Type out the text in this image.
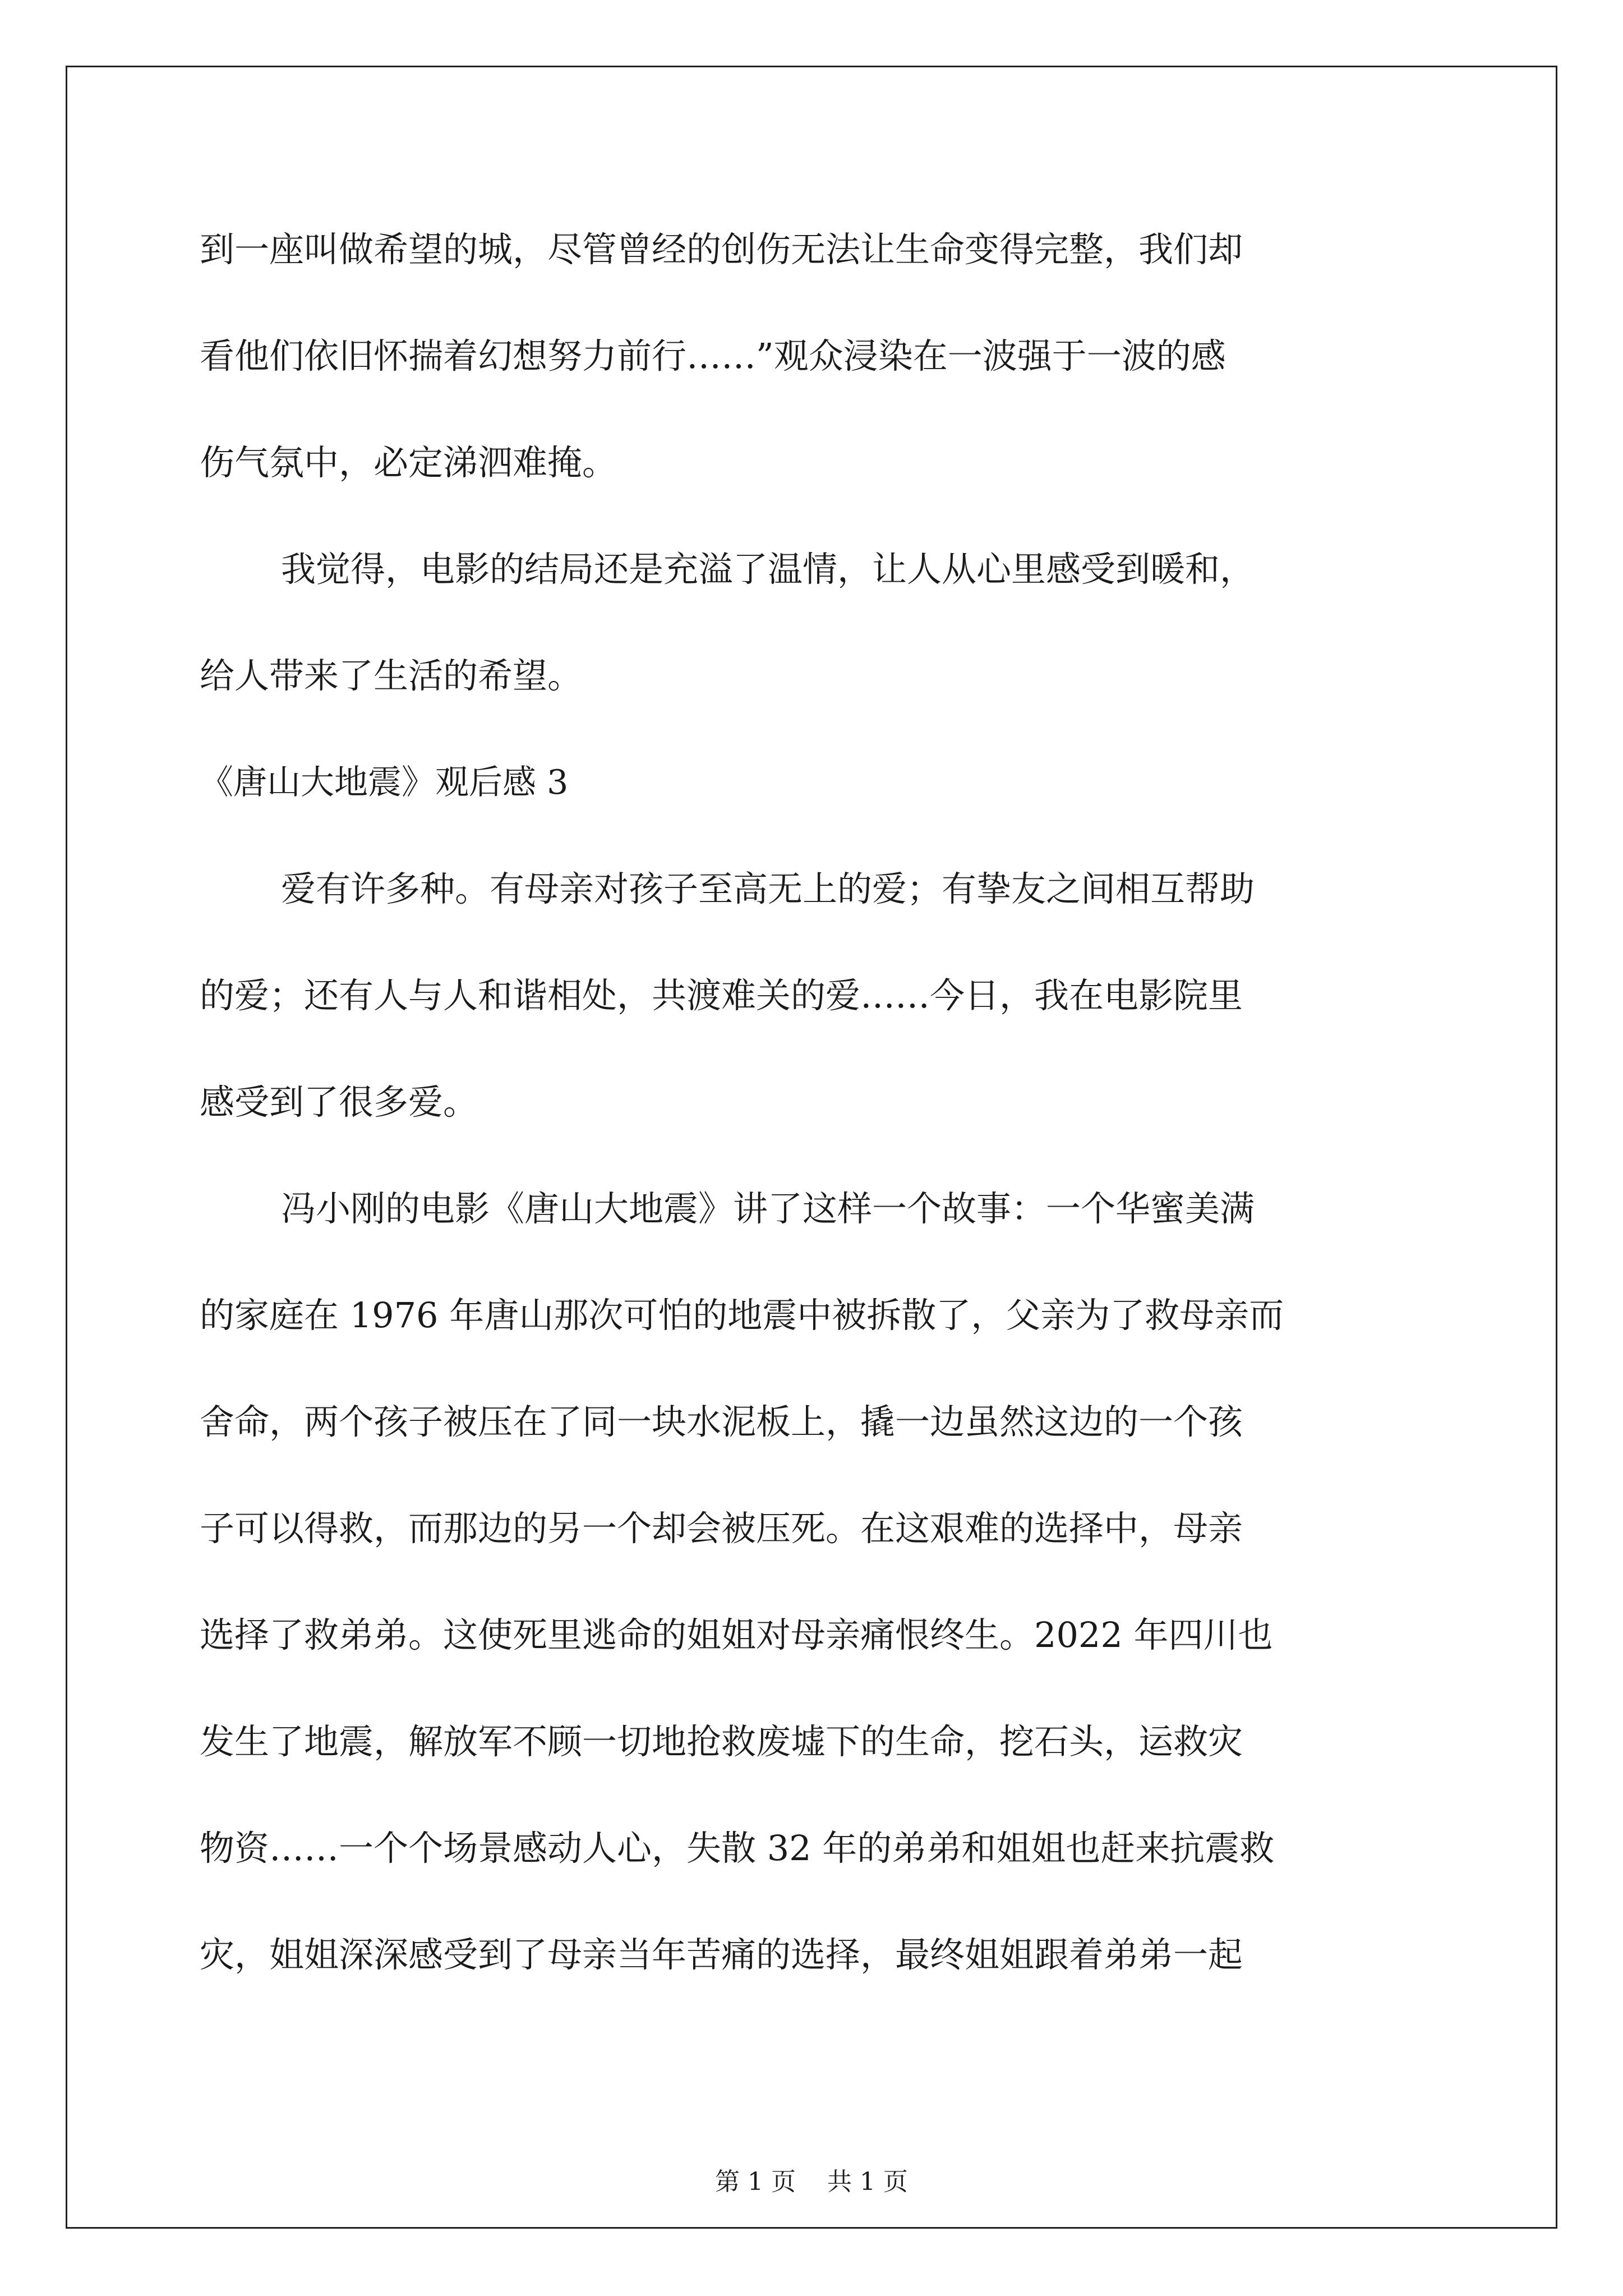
到一座叫做希望的城，尽管曾经的创伤无法让生命变得完整，我们却
看他们依旧怀揣着幻想努力前行……”观众浸染在一波强于一波的感
伤气氛中，必定涕泗难掩。
我觉得，电影的结局还是充溢了温情，让人从心里感受到暖和，
给人带来了生活的希望。
《唐山大地震》观后感 3
爱有许多种。有母亲对孩子至高无上的爱；有挚友之间相互帮助
的爱；还有人与人和谐相处，共渡难关的爱……今日，我在电影院里
感受到了很多爱。
冯小刚的电影《唐山大地震》讲了这样一个故事：一个华蜜美满
的家庭在 1976 年唐山那次可怕的地震中被拆散了，父亲为了救母亲而
舍命，两个孩子被压在了同一块水泥板上，撬一边虽然这边的一个孩
子可以得救，而那边的另一个却会被压死。在这艰难的选择中，母亲
选择了救弟弟。这使死里逃命的姐姐对母亲痛恨终生。2022 年四川也
发生了地震，解放军不顾一切地抢救废墟下的生命，挖石头，运救灾
物资……一个个场景感动人心，失散 32 年的弟弟和姐姐也赶来抗震救
灾，姐姐深深感受到了母亲当年苦痛的选择，最终姐姐跟着弟弟一起
第 1 页    共 1 页
